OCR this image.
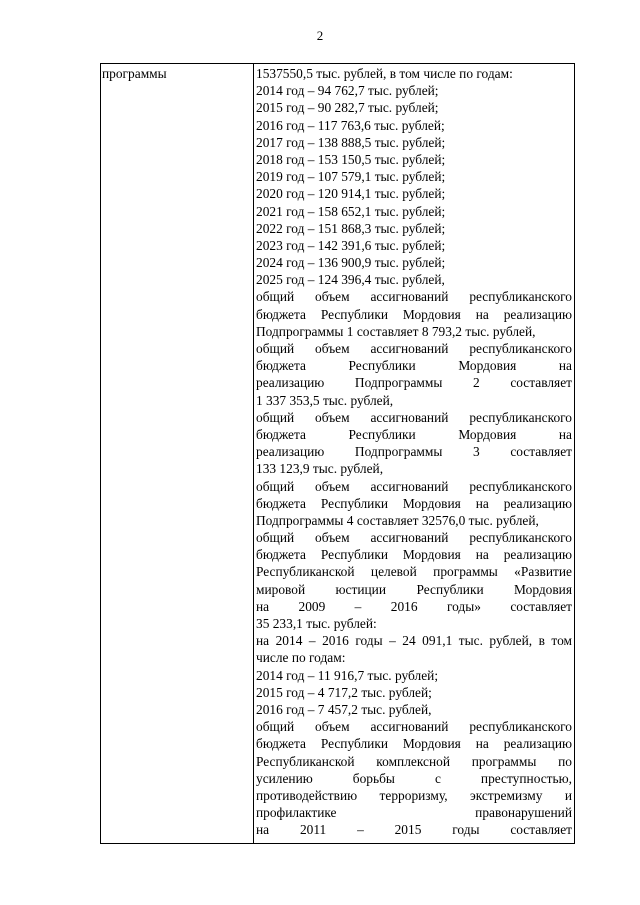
2
программы	1537550,5 тыс. рублей, в том числе по годам:
2014 год – 94 762,7 тыс. рублей;
2015 год – 90 282,7 тыс. рублей;
2016 год – 117 763,6 тыс. рублей;
2017 год – 138 888,5 тыс. рублей;
2018 год – 153 150,5 тыс. рублей;
2019 год – 107 579,1 тыс. рублей;
2020 год – 120 914,1 тыс. рублей;
2021 год – 158 652,1 тыс. рублей;
2022 год – 151 868,3 тыс. рублей;
2023 год – 142 391,6 тыс. рублей;
2024 год – 136 900,9 тыс. рублей;
2025 год – 124 396,4 тыс. рублей,
общий объем ассигнований республиканского
бюджета Республики Мордовия на реализацию
Подпрограммы 1 составляет 8 793,2 тыс. рублей,
общий объем ассигнований республиканского
бюджета Республики Мордовия на
реализацию Подпрограммы 2 составляет
1 337 353,5 тыс. рублей,
общий объем ассигнований республиканского
бюджета Республики Мордовия на
реализацию Подпрограммы 3 составляет
133 123,9 тыс. рублей,
общий объем ассигнований республиканского
бюджета Республики Мордовия на реализацию
Подпрограммы 4 составляет 32576,0 тыс. рублей,
общий объем ассигнований республиканского
бюджета Республики Мордовия на реализацию
Республиканской целевой программы «Развитие
мировой юстиции Республики Мордовия
на 2009 – 2016 годы» составляет
35 233,1 тыс. рублей:
на 2014 – 2016 годы – 24 091,1 тыс. рублей, в том
числе по годам:
2014 год – 11 916,7 тыс. рублей;
2015 год – 4 717,2 тыс. рублей;
2016 год – 7 457,2 тыс. рублей,
общий объем ассигнований республиканского
бюджета Республики Мордовия на реализацию
Республиканской комплексной программы по
усилению борьбы с преступностью,
противодействию терроризму, экстремизму и
профилактике правонарушений
на 2011 – 2015 годы составляет
